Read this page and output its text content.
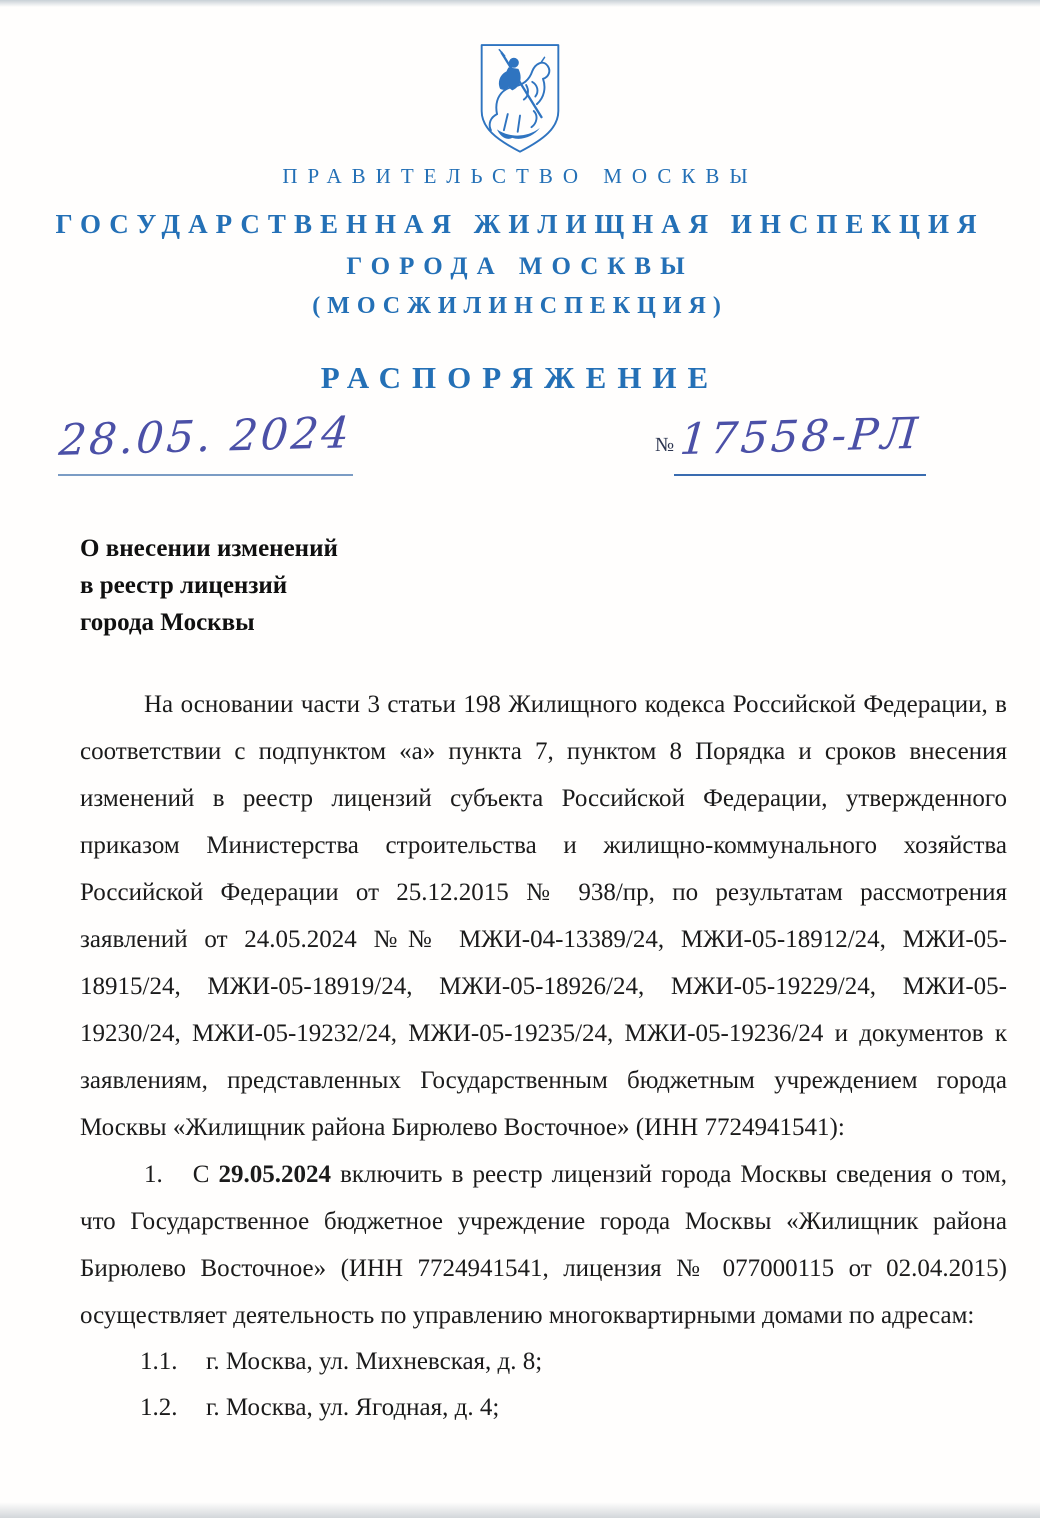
ПРАВИТЕЛЬСТВО МОСКВЫ
ГОСУДАРСТВЕННАЯ ЖИЛИЩНАЯ ИНСПЕКЦИЯ
ГОРОДА МОСКВЫ
(МОСЖИЛИНСПЕКЦИЯ)
РАСПОРЯЖЕНИЕ
28.05. 2024	№17558-РЛ
О внесении изменений
в реестр лицензий
города Москвы

На основании части 3 статьи 198 Жилищного кодекса Российской Федерации, в соответствии с подпунктом «а» пункта 7, пунктом 8 Порядка и сроков внесения изменений в реестр лицензий субъекта Российской Федерации, утвержденного приказом Министерства строительства и жилищно-коммунального хозяйства Российской Федерации от 25.12.2015 № 938/пр, по результатам рассмотрения заявлений от 24.05.2024 №№ МЖИ-04-13389/24, МЖИ-05-18912/24, МЖИ-05-18915/24, МЖИ-05-18919/24, МЖИ-05-18926/24, МЖИ-05-19229/24, МЖИ-05-19230/24, МЖИ-05-19232/24, МЖИ-05-19235/24, МЖИ-05-19236/24 и документов к заявлениям, представленных Государственным бюджетным учреждением города Москвы «Жилищник района Бирюлево Восточное» (ИНН 7724941541):

1. С 29.05.2024 включить в реестр лицензий города Москвы сведения о том, что Государственное бюджетное учреждение города Москвы «Жилищник района Бирюлево Восточное» (ИНН 7724941541, лицензия № 077000115 от 02.04.2015) осуществляет деятельность по управлению многоквартирными домами по адресам:

1.1. г. Москва, ул. Михневская, д. 8;
1.2. г. Москва, ул. Ягодная, д. 4;
